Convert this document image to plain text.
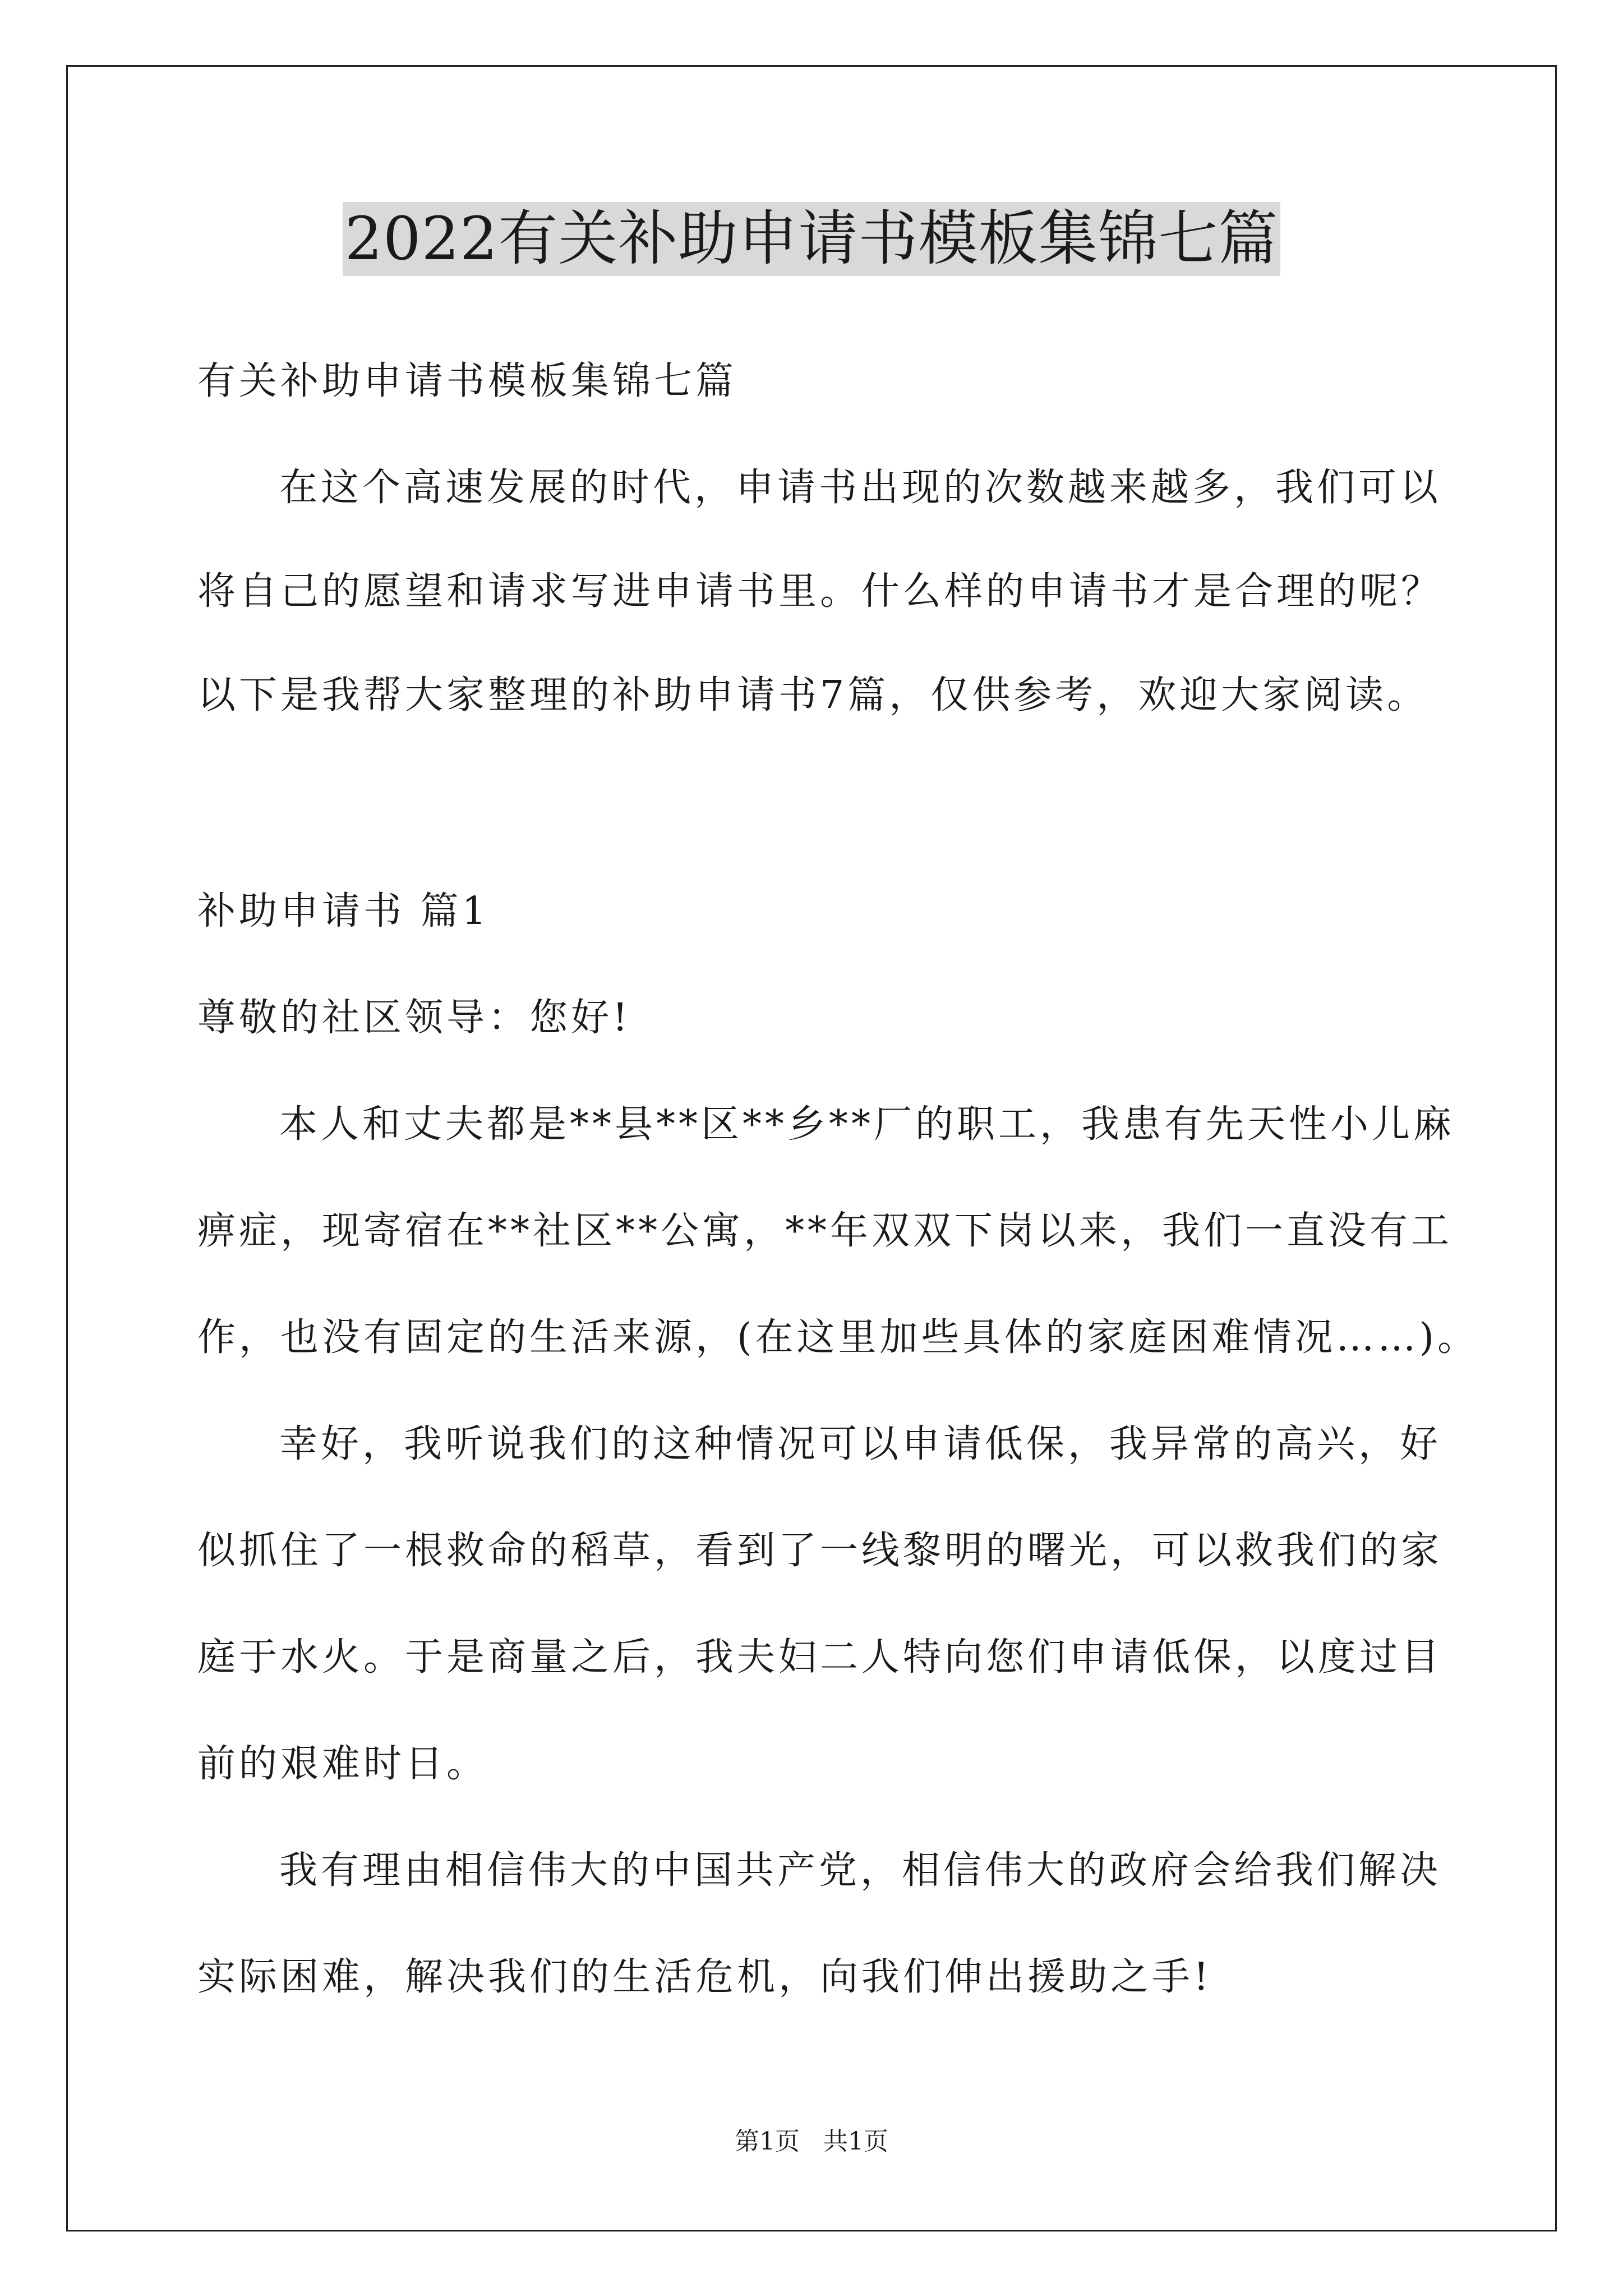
2022有关补助申请书模板集锦七篇
有关补助申请书模板集锦七篇
在这个高速发展的时代，申请书出现的次数越来越多，我们可以
将自己的愿望和请求写进申请书里。什么样的申请书才是合理的呢？
以下是我帮大家整理的补助申请书7篇，仅供参考，欢迎大家阅读。
补助申请书 篇1
尊敬的社区领导：您好!
本人和丈夫都是**县**区**乡**厂的职工，我患有先天性小儿麻
痹症，现寄宿在**社区**公寓，**年双双下岗以来，我们一直没有工
作，也没有固定的生活来源，(在这里加些具体的家庭困难情况……)。
幸好，我听说我们的这种情况可以申请低保，我异常的高兴，好
似抓住了一根救命的稻草，看到了一线黎明的曙光，可以救我们的家
庭于水火。于是商量之后，我夫妇二人特向您们申请低保，以度过目
前的艰难时日。
我有理由相信伟大的中国共产党，相信伟大的政府会给我们解决
实际困难，解决我们的生活危机，向我们伸出援助之手!
第1页   共1页
